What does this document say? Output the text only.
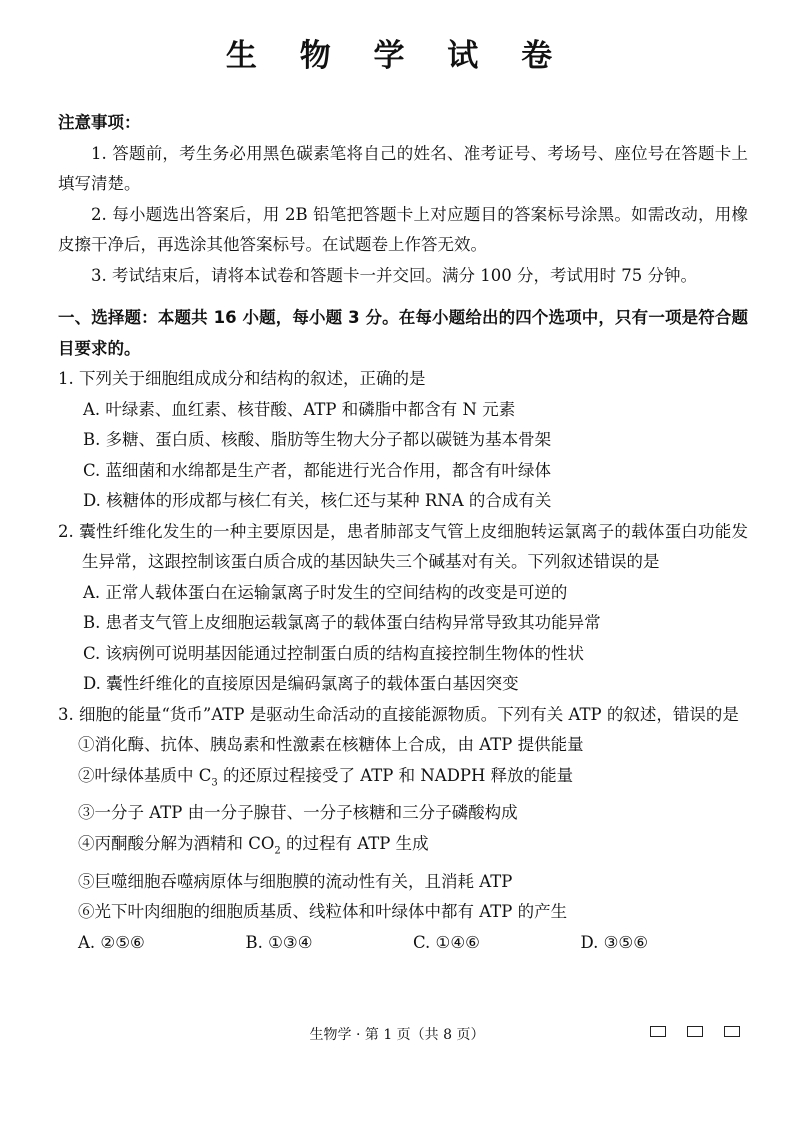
生 物 学 试 卷

注意事项：

1. 答题前，考生务必用黑色碳素笔将自己的姓名、准考证号、考场号、座位号在答题卡上填写清楚。

2. 每小题选出答案后，用 2B 铅笔把答题卡上对应题目的答案标号涂黑。如需改动，用橡皮擦干净后，再选涂其他答案标号。在试题卷上作答无效。

3. 考试结束后，请将本试卷和答题卡一并交回。满分 100 分，考试用时 75 分钟。

一、选择题：本题共 16 小题，每小题 3 分。在每小题给出的四个选项中，只有一项是符合题目要求的。

1. 下列关于细胞组成成分和结构的叙述，正确的是

A. 叶绿素、血红素、核苷酸、ATP 和磷脂中都含有 N 元素

B. 多糖、蛋白质、核酸、脂肪等生物大分子都以碳链为基本骨架

C. 蓝细菌和水绵都是生产者，都能进行光合作用，都含有叶绿体

D. 核糖体的形成都与核仁有关，核仁还与某种 RNA 的合成有关

2. 囊性纤维化发生的一种主要原因是，患者肺部支气管上皮细胞转运氯离子的载体蛋白功能发生异常，这跟控制该蛋白质合成的基因缺失三个碱基对有关。下列叙述错误的是

A. 正常人载体蛋白在运输氯离子时发生的空间结构的改变是可逆的

B. 患者支气管上皮细胞运载氯离子的载体蛋白结构异常导致其功能异常

C. 该病例可说明基因能通过控制蛋白质的结构直接控制生物体的性状

D. 囊性纤维化的直接原因是编码氯离子的载体蛋白基因突变

3. 细胞的能量“货币”ATP 是驱动生命活动的直接能源物质。下列有关 ATP 的叙述，错误的是

①消化酶、抗体、胰岛素和性激素在核糖体上合成，由 ATP 提供能量

②叶绿体基质中 $C_3$ 的还原过程接受了 ATP 和 NADPH 释放的能量

③一分子 ATP 由一分子腺苷、一分子核糖和三分子磷酸构成

④丙酮酸分解为酒精和 $CO_2$ 的过程有 ATP 生成

⑤巨噬细胞吞噬病原体与细胞膜的流动性有关，且消耗 ATP

⑥光下叶肉细胞的细胞质基质、线粒体和叶绿体中都有 ATP 的产生

A. ②⑤⑥	B. ①③④	C. ①④⑥	D. ③⑤⑥
生物学 · 第 1 页（共 8 页）
